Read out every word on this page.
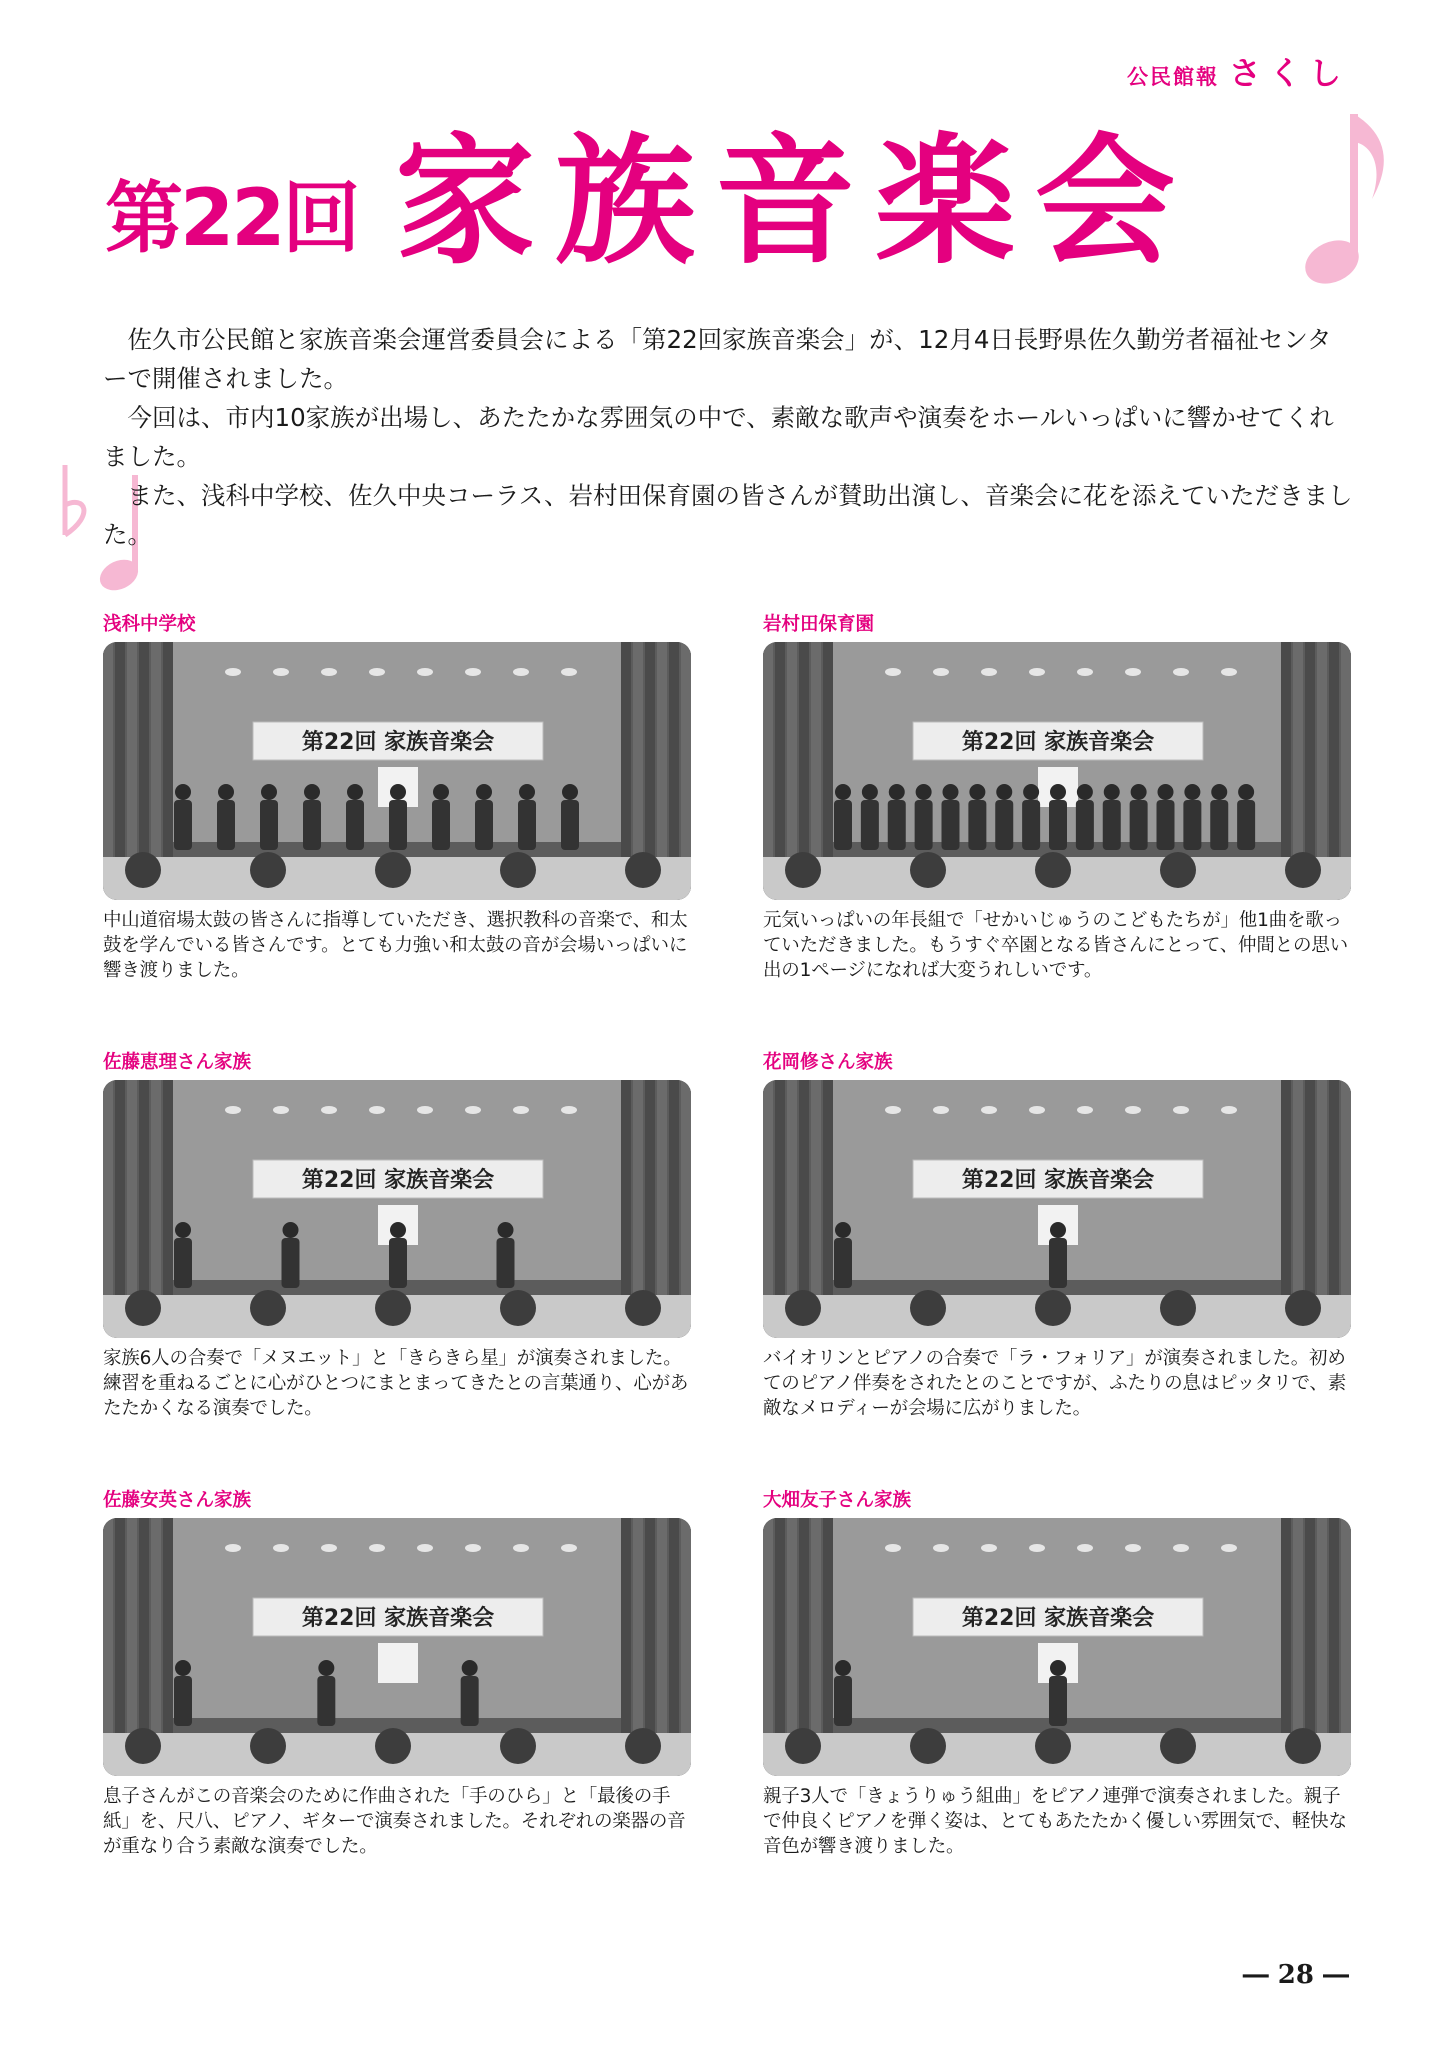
公民館報 さくし
第22回 家族音楽会

佐久市公民館と家族音楽会運営委員会による「第22回家族音楽会」が、12月4日長野県佐久勤労者福祉センターで開催されました。

今回は、市内10家族が出場し、あたたかな雰囲気の中で、素敵な歌声や演奏をホールいっぱいに響かせてくれました。

また、浅科中学校、佐久中央コーラス、岩村田保育園の皆さんが賛助出演し、音楽会に花を添えていただきました。

浅科中学校
第22回 家族音楽会
中山道宿場太鼓の皆さんに指導していただき、選択教科の音楽で、和太鼓を学んでいる皆さんです。とても力強い和太鼓の音が会場いっぱいに響き渡りました。
岩村田保育園
第22回 家族音楽会
元気いっぱいの年長組で「せかいじゅうのこどもたちが」他1曲を歌っていただきました。もうすぐ卒園となる皆さんにとって、仲間との思い出の1ページになれば大変うれしいです。
佐藤恵理さん家族
第22回 家族音楽会
家族6人の合奏で「メヌエット」と「きらきら星」が演奏されました。練習を重ねるごとに心がひとつにまとまってきたとの言葉通り、心があたたかくなる演奏でした。
花岡修さん家族
第22回 家族音楽会
バイオリンとピアノの合奏で「ラ・フォリア」が演奏されました。初めてのピアノ伴奏をされたとのことですが、ふたりの息はピッタリで、素敵なメロディーが会場に広がりました。
佐藤安英さん家族
第22回 家族音楽会
息子さんがこの音楽会のために作曲された「手のひら」と「最後の手紙」を、尺八、ピアノ、ギターで演奏されました。それぞれの楽器の音が重なり合う素敵な演奏でした。
大畑友子さん家族
第22回 家族音楽会
親子3人で「きょうりゅう組曲」をピアノ連弾で演奏されました。親子で仲良くピアノを弾く姿は、とてもあたたかく優しい雰囲気で、軽快な音色が響き渡りました。
― 28 ―
